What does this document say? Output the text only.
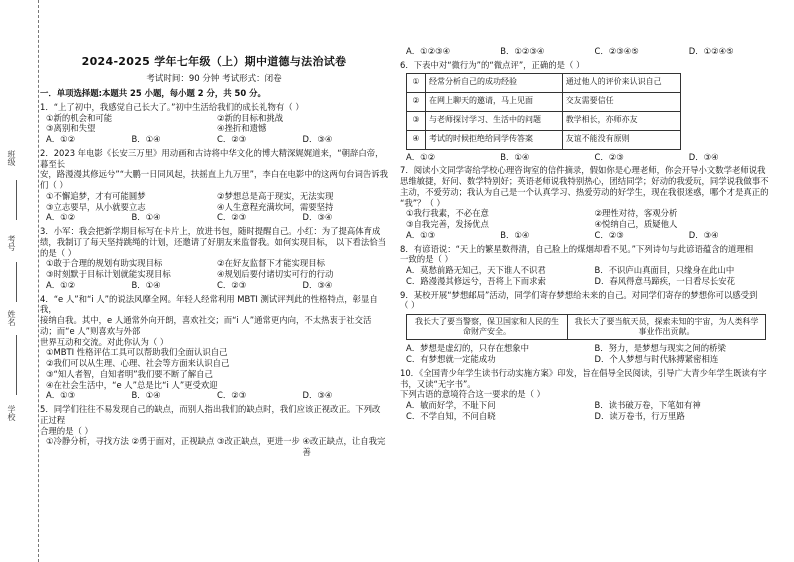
班级
考号
姓名
学校
2024-2025 学年七年级（上）期中道德与法治试卷
考试时间：90 分钟 考试形式：闭卷
一．单项选择题:本题共 25 小题，每小题 2 分，共 50 分。
1．“上了初中，我感觉自己长大了。”初中生活给我们的成长礼物有（ ）
①新的机会和可能	②新的目标和挑战
③离别和失望	④挫折和遗憾
A．①②	B．①④	C．②③	D．③④
2．2023 年电影《长安三万里》用动画和古诗将中华文化的博大精深娓娓道来，“朝辞白帝，暮至长
安，路漫漫其修远兮”“大鹏一日同风起，扶摇直上九万里”，李白在电影中的这两句台词告诉我
们（ ）
①不懈追梦，才有可能圆梦	②梦想总是高于现实，无法实现
③立志要早，从小就要立志	④人生意程充满坎坷，需要坚持
A．①②	B．①④	C．②③	D．③④
3．小军：我会把新学期目标写在卡片上，放进书包，随时提醒自己。小红：为了提高体育成
绩，我制订了每天坚持跳绳的计划，还邀请了好朋友来监督我。如何实现目标， 以下看法恰当
的是（ ）
①敢于合理的规划有助实现目标	②在好友监督下才能实现目标
③时刻默于目标计划就能实现目标	④规划后要付诸切实可行的行动
A．①②	B．①④	C．②③	D．③④
4．“e 人”和“i 人”的说法风靡全网。年轻人经常利用 MBTI 测试评判此的性格特点，彰显自我，
接纳自我。其中，e 人通常外向开朗，喜欢社交；而“i 人”通常更内向，不太热衷于社交活动；而“e 人”则喜欢与外部
世界互动和交流。对此你认为（ ）
①MBTI 性格评估工具可以帮助我们全面认识自己
②我们可以从生理、心理、社会等方面来认识自己
③“知人者智，自知者明”我们要不断了解自己
④在社会生活中，“e 人”总是比“i 人”更受欢迎
A．①③	B．①④	C．②③	D．③④
5．同学们往往不易发现自己的缺点，而别人指出我们的缺点时，我们应该正视改正。下列改正过程
合理的是（ ）
①冷静分析，寻找方法 ②勇于面对，正视缺点 ③改正缺点，更进一步 ④改正缺点，让自我完善
A．①②③④	B．①②③④	C．②③④⑤	D．①②④⑤
6．下表中对“微行为”的“微点评”，正确的是（ ）
①	经常分析自己的成功经验	通过他人的评价来认识自己
②	在网上聊天的邀请，马上见面	交友需要信任
③	与老师探讨学习、生活中的问题	教学相长，亦师亦友
④	考试的时候拒绝给同学传答案	友谊不能没有原则
A．①②	B．①④	C．②③	D．③④
7．阅读小文同学寄给学校心理咨询室的信件摘录，假如你是心理老师，你会开导小文数学老师说我
思维敏捷，好问、数学特别好；英语老师说我特别热心，团结同学；好动的我爱玩，同学说我做事不
主动，不爱劳动；我认为自己是一个认真学习、热爱劳动的好学生，现在我很迷惑，哪个才是真正的
“我”？（ ）
①我行我素，不必在意	②理性对待，客观分析
③自我完善，发扬优点	④悦纳自己，质疑他人
A．①③	B．①④	C．②③	D．③④
8．有谚语说：“天上的繁星数得清，自己脸上的煤烟却看不见。”下列诗句与此谚语蕴含的道理相
一致的是（ ）
A．莫愁前路无知己，天下谁人不识君	B．不识庐山真面目，只缘身在此山中
C．路漫漫其修远兮，吾将上下而求索	D．春风得意马蹄疾，一日看尽长安花
9．某校开展“梦想邮局”活动，同学们寄存梦想给未来的自己。对同学们寄存的梦想你可以感受到
（ ）
我长大了要当警察，保卫国家和人民的生命财产安全。	我长大了要当航天员，探索未知的宇宙，为人类科学事业作出贡献。
A．梦想是虚幻的，只存在想象中	B．努力，是梦想与现实之间的桥梁
C．有梦想就一定能成功	D．个人梦想与时代脉搏紧密相连
10．《全国青少年学生读书行动实施方案》印发，旨在倡导全民阅读，引导广大青少年学生既读有字书，又读“无字书”。
下列古语的意境符合这一要求的是（ ）
A．敏而好学，不耻下问	B．读书破万卷，下笔如有神
C．不学自知，不问自晓	D．读万卷书，行万里路
